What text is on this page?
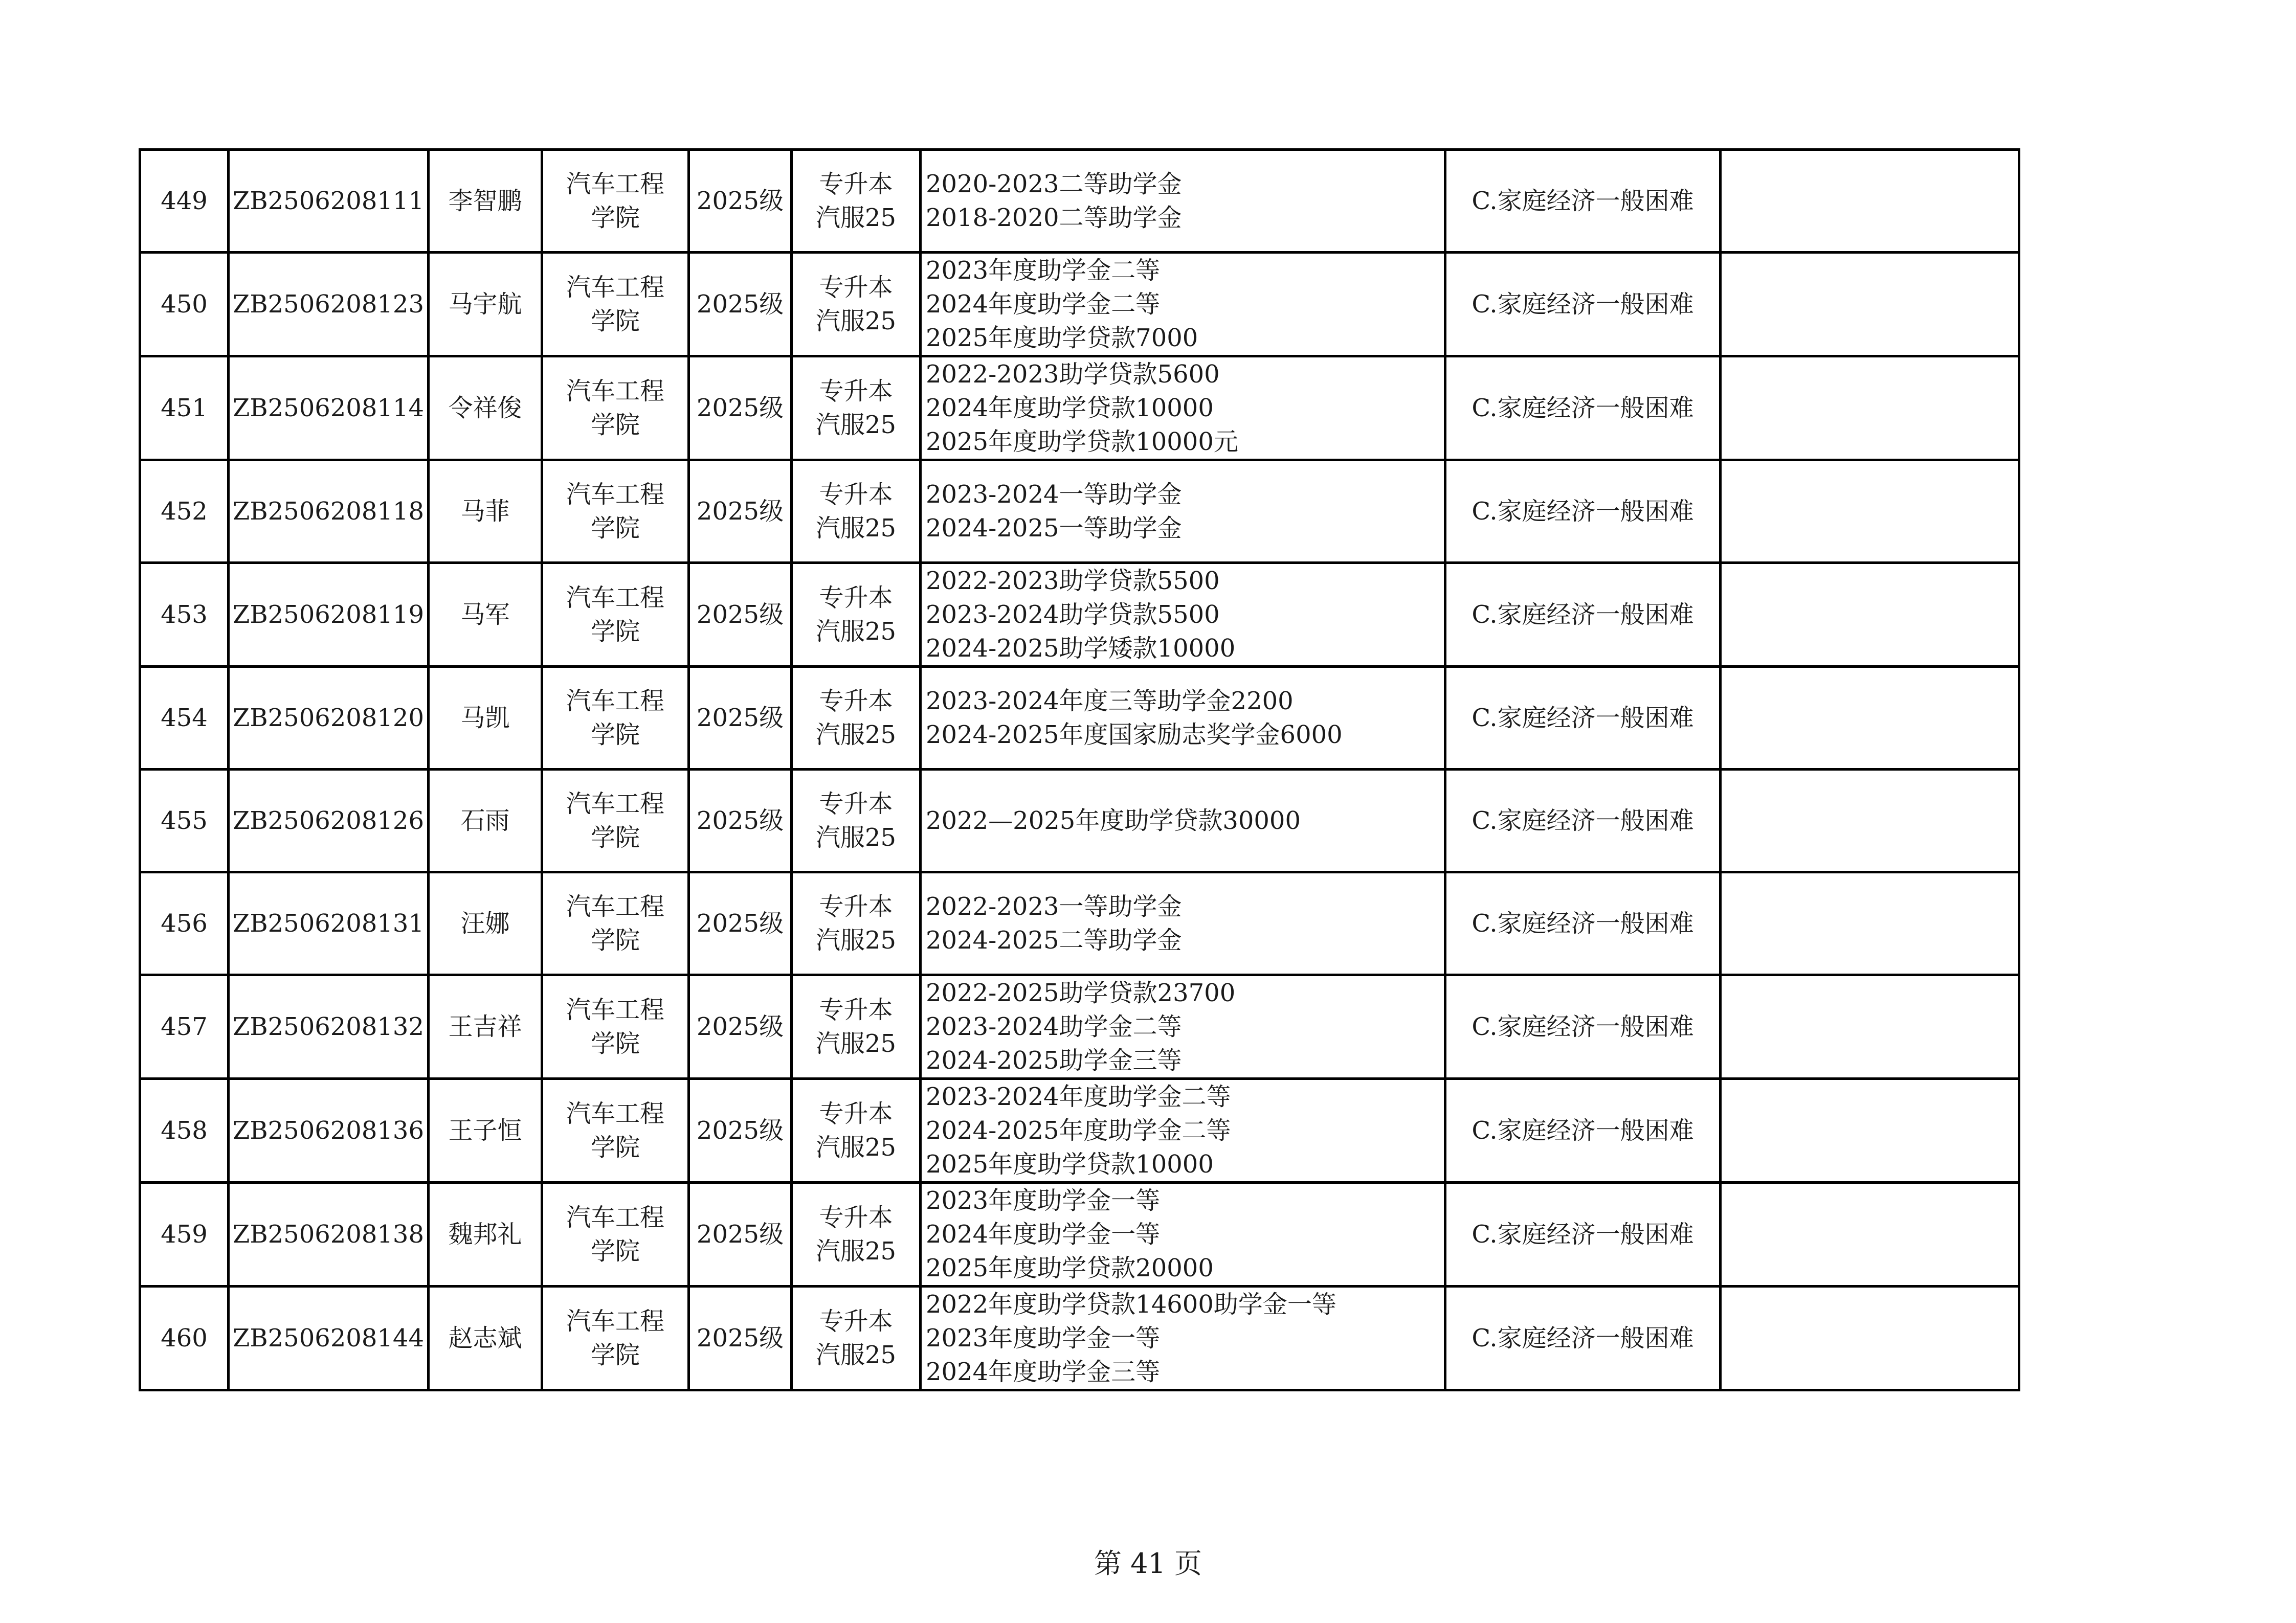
449	ZB2506208111	李智鹏	汽车工程
学院	2025级	专升本
汽服25	2020-2023二等助学金
2018-2020二等助学金	C.家庭经济一般困难	
450	ZB2506208123	马宇航	汽车工程
学院	2025级	专升本
汽服25	2023年度助学金二等
2024年度助学金二等
2025年度助学贷款7000	C.家庭经济一般困难	
451	ZB2506208114	令祥俊	汽车工程
学院	2025级	专升本
汽服25	2022-2023助学贷款5600
2024年度助学贷款10000
2025年度助学贷款10000元	C.家庭经济一般困难	
452	ZB2506208118	马菲	汽车工程
学院	2025级	专升本
汽服25	2023-2024一等助学金
2024-2025一等助学金	C.家庭经济一般困难	
453	ZB2506208119	马军	汽车工程
学院	2025级	专升本
汽服25	2022-2023助学贷款5500
2023-2024助学贷款5500
2024-2025助学矮款10000	C.家庭经济一般困难	
454	ZB2506208120	马凯	汽车工程
学院	2025级	专升本
汽服25	2023-2024年度三等助学金2200
2024-2025年度国家励志奖学金6000	C.家庭经济一般困难	
455	ZB2506208126	石雨	汽车工程
学院	2025级	专升本
汽服25	2022—2025年度助学贷款30000	C.家庭经济一般困难	
456	ZB2506208131	汪娜	汽车工程
学院	2025级	专升本
汽服25	2022-2023一等助学金
2024-2025二等助学金	C.家庭经济一般困难	
457	ZB2506208132	王吉祥	汽车工程
学院	2025级	专升本
汽服25	2022-2025助学贷款23700
2023-2024助学金二等
2024-2025助学金三等	C.家庭经济一般困难	
458	ZB2506208136	王子恒	汽车工程
学院	2025级	专升本
汽服25	2023-2024年度助学金二等
2024-2025年度助学金二等
2025年度助学贷款10000	C.家庭经济一般困难	
459	ZB2506208138	魏邦礼	汽车工程
学院	2025级	专升本
汽服25	2023年度助学金一等
2024年度助学金一等
2025年度助学贷款20000	C.家庭经济一般困难	
460	ZB2506208144	赵志斌	汽车工程
学院	2025级	专升本
汽服25	2022年度助学贷款14600助学金一等
2023年度助学金一等
2024年度助学金三等	C.家庭经济一般困难	
第 41 页
